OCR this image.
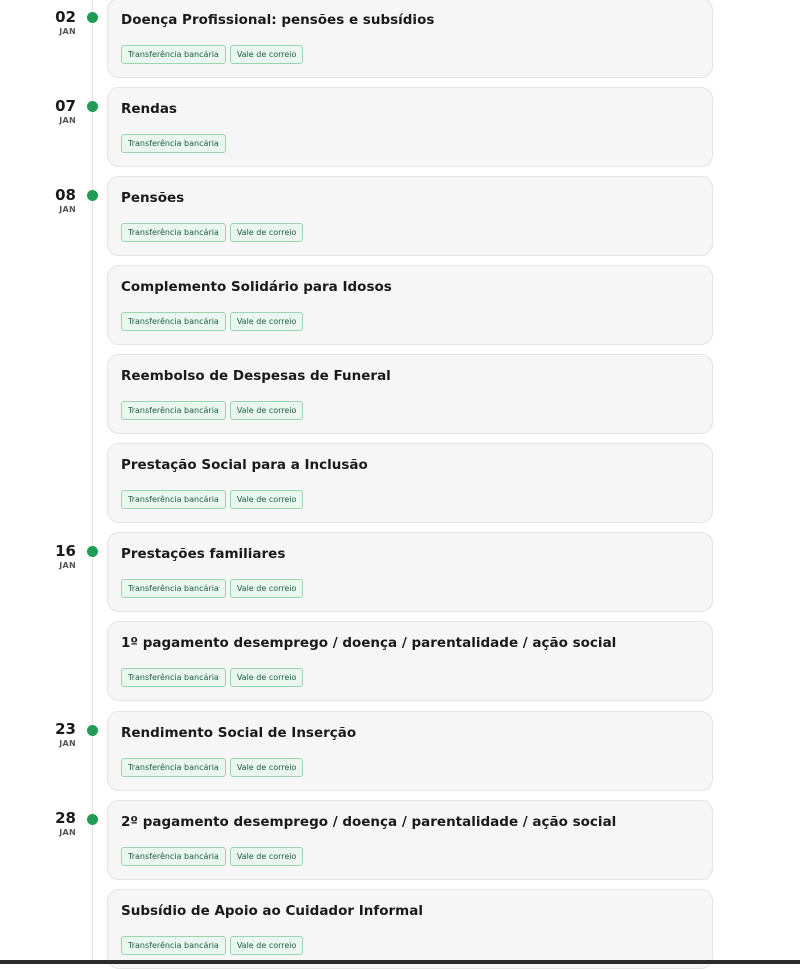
02
JAN
07
JAN
08
JAN
16
JAN
23
JAN
28
JAN
Doença Profissional: pensões e subsídios
Transferência bancária	Vale de correio
Rendas
Transferência bancária
Pensões
Transferência bancária	Vale de correio
Complemento Solidário para Idosos
Transferência bancária	Vale de correio
Reembolso de Despesas de Funeral
Transferência bancária	Vale de correio
Prestação Social para a Inclusão
Transferência bancária	Vale de correio
Prestações familiares
Transferência bancária	Vale de correio
1º pagamento desemprego / doença / parentalidade / ação social
Transferência bancária	Vale de correio
Rendimento Social de Inserção
Transferência bancária	Vale de correio
2º pagamento desemprego / doença / parentalidade / ação social
Transferência bancária	Vale de correio
Subsídio de Apoio ao Cuidador Informal
Transferência bancária	Vale de correio
